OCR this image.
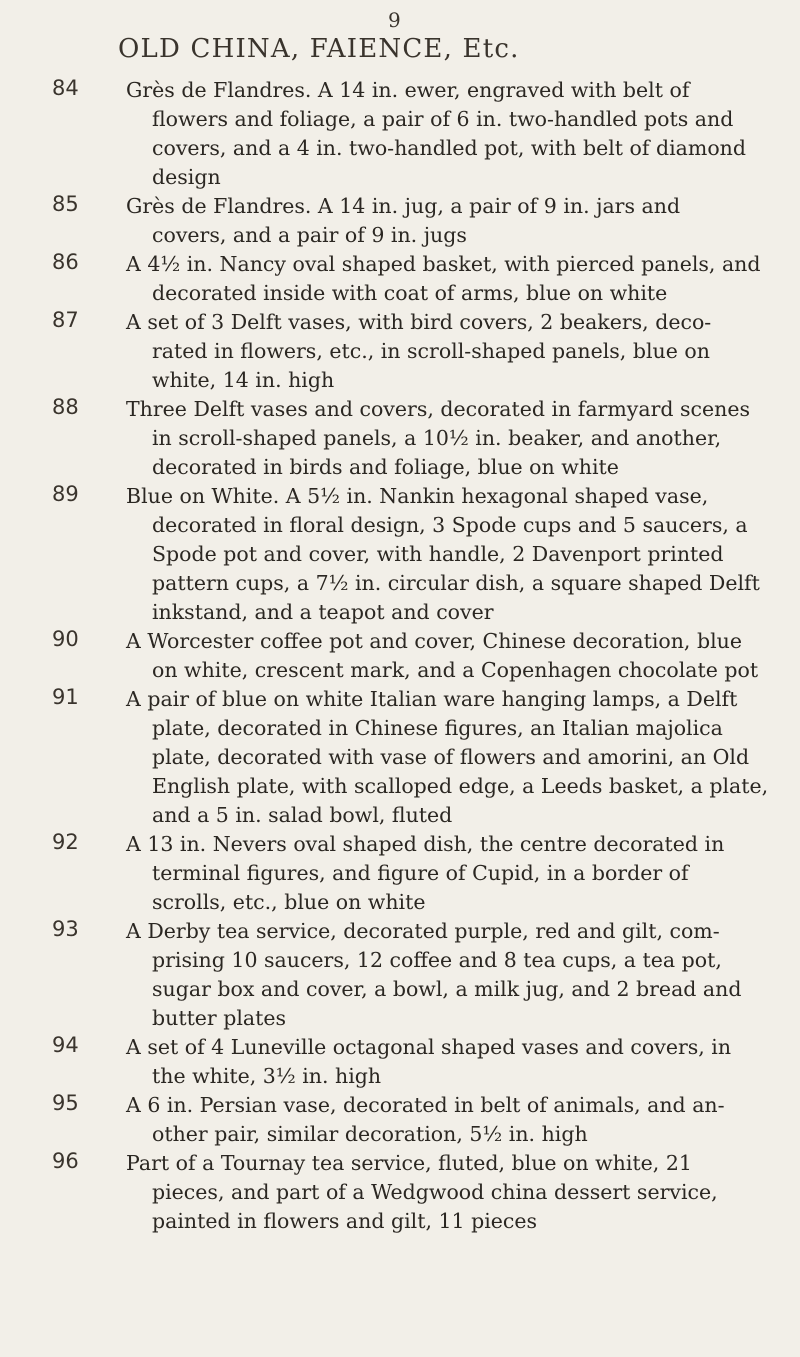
9
OLD CHINA, FAIENCE, Etc.
84 Grès de Flandres. A 14 in. ewer, engraved with belt of
flowers and foliage, a pair of 6 in. two-handled pots and
covers, and a 4 in. two-handled pot, with belt of diamond
design
85 Grès de Flandres. A 14 in. jug, a pair of 9 in. jars and
covers, and a pair of 9 in. jugs
86 A 4½ in. Nancy oval shaped basket, with pierced panels, and
decorated inside with coat of arms, blue on white
87 A set of 3 Delft vases, with bird covers, 2 beakers, deco-
rated in flowers, etc., in scroll-shaped panels, blue on
white, 14 in. high
88 Three Delft vases and covers, decorated in farmyard scenes
in scroll-shaped panels, a 10½ in. beaker, and another,
decorated in birds and foliage, blue on white
89 Blue on White. A 5½ in. Nankin hexagonal shaped vase,
decorated in floral design, 3 Spode cups and 5 saucers, a
Spode pot and cover, with handle, 2 Davenport printed
pattern cups, a 7½ in. circular dish, a square shaped Delft
inkstand, and a teapot and cover
90 A Worcester coffee pot and cover, Chinese decoration, blue
on white, crescent mark, and a Copenhagen chocolate pot
91 A pair of blue on white Italian ware hanging lamps, a Delft
plate, decorated in Chinese figures, an Italian majolica
plate, decorated with vase of flowers and amorini, an Old
English plate, with scalloped edge, a Leeds basket, a plate,
and a 5 in. salad bowl, fluted
92 A 13 in. Nevers oval shaped dish, the centre decorated in
terminal figures, and figure of Cupid, in a border of
scrolls, etc., blue on white
93 A Derby tea service, decorated purple, red and gilt, com-
prising 10 saucers, 12 coffee and 8 tea cups, a tea pot,
sugar box and cover, a bowl, a milk jug, and 2 bread and
butter plates
94 A set of 4 Luneville octagonal shaped vases and covers, in
the white, 3½ in. high
95 A 6 in. Persian vase, decorated in belt of animals, and an-
other pair, similar decoration, 5½ in. high
96 Part of a Tournay tea service, fluted, blue on white, 21
pieces, and part of a Wedgwood china dessert service,
painted in flowers and gilt, 11 pieces
